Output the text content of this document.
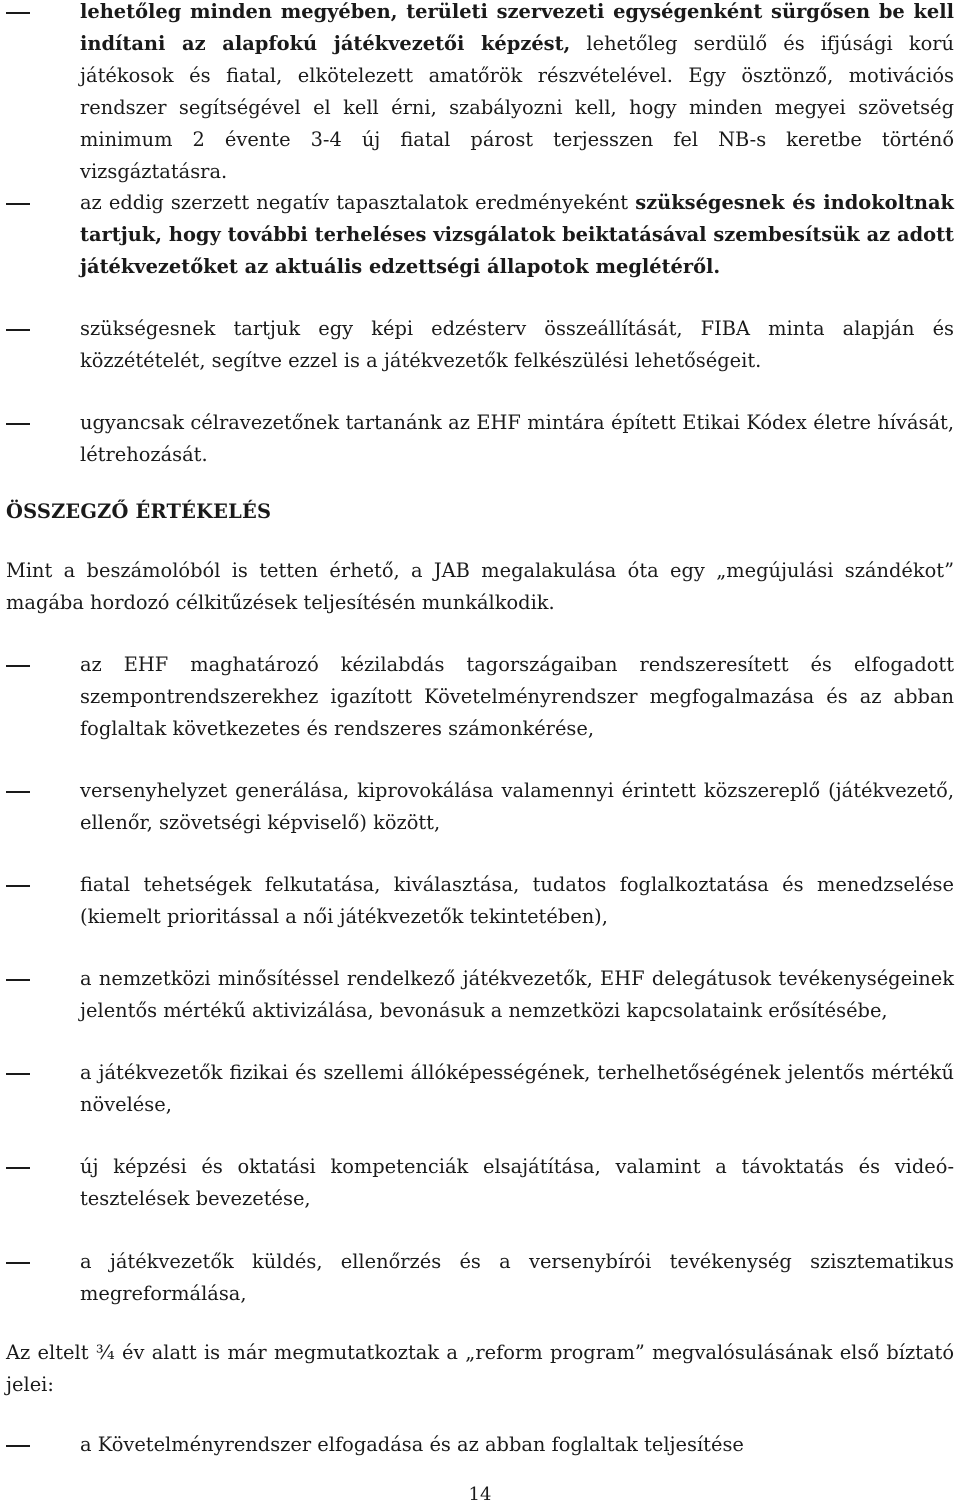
lehetőleg minden megyében, területi szervezeti egységenként sürgősen be kell indítani az alapfokú játékvezetői képzést, lehetőleg serdülő és ifjúsági korú játékosok és fiatal, elkötelezett amatőrök részvételével. Egy ösztönző, motivációs rendszer segítségével el kell érni, szabályozni kell, hogy minden megyei szövetség minimum 2 évente 3-4 új fiatal párost terjesszen fel NB-s keretbe történő vizsgáztatásra.
az eddig szerzett negatív tapasztalatok eredményeként szükségesnek és indokoltnak tartjuk, hogy további terheléses vizsgálatok beiktatásával szembesítsük az adott játékvezetőket az aktuális edzettségi állapotok meglétéről.
szükségesnek tartjuk egy képi edzésterv összeállítását, FIBA minta alapján és közzétételét, segítve ezzel is a játékvezetők felkészülési lehetőségeit.
ugyancsak célravezetőnek tartanánk az EHF mintára épített Etikai Kódex életre hívását, létrehozását.
ÖSSZEGZŐ ÉRTÉKELÉS
Mint a beszámolóból is tetten érhető, a JAB megalakulása óta egy „megújulási szándékot” magába hordozó célkitűzések teljesítésén munkálkodik.
az EHF maghatározó kézilabdás tagországaiban rendszeresített és elfogadott szempontrendszerekhez igazított Követelményrendszer megfogalmazása és az abban foglaltak következetes és rendszeres számonkérése,
versenyhelyzet generálása, kiprovokálása valamennyi érintett közszereplő (játékvezető, ellenőr, szövetségi képviselő) között,
fiatal tehetségek felkutatása, kiválasztása, tudatos foglalkoztatása és menedzselése (kiemelt prioritással a női játékvezetők tekintetében),
a nemzetközi minősítéssel rendelkező játékvezetők, EHF delegátusok tevékenységeinek jelentős mértékű aktivizálása, bevonásuk a nemzetközi kapcsolataink erősítésébe,
a játékvezetők fizikai és szellemi állóképességének, terhelhetőségének jelentős mértékű növelése,
új képzési és oktatási kompetenciák elsajátítása, valamint a távoktatás és videó-tesztelések bevezetése,
a játékvezetők küldés, ellenőrzés és a versenybírói tevékenység szisztematikus megreformálása,
Az eltelt ¾ év alatt is már megmutatkoztak a „reform program” megvalósulásának első bíztató jelei:
a Követelményrendszer elfogadása és az abban foglaltak teljesítése
14
